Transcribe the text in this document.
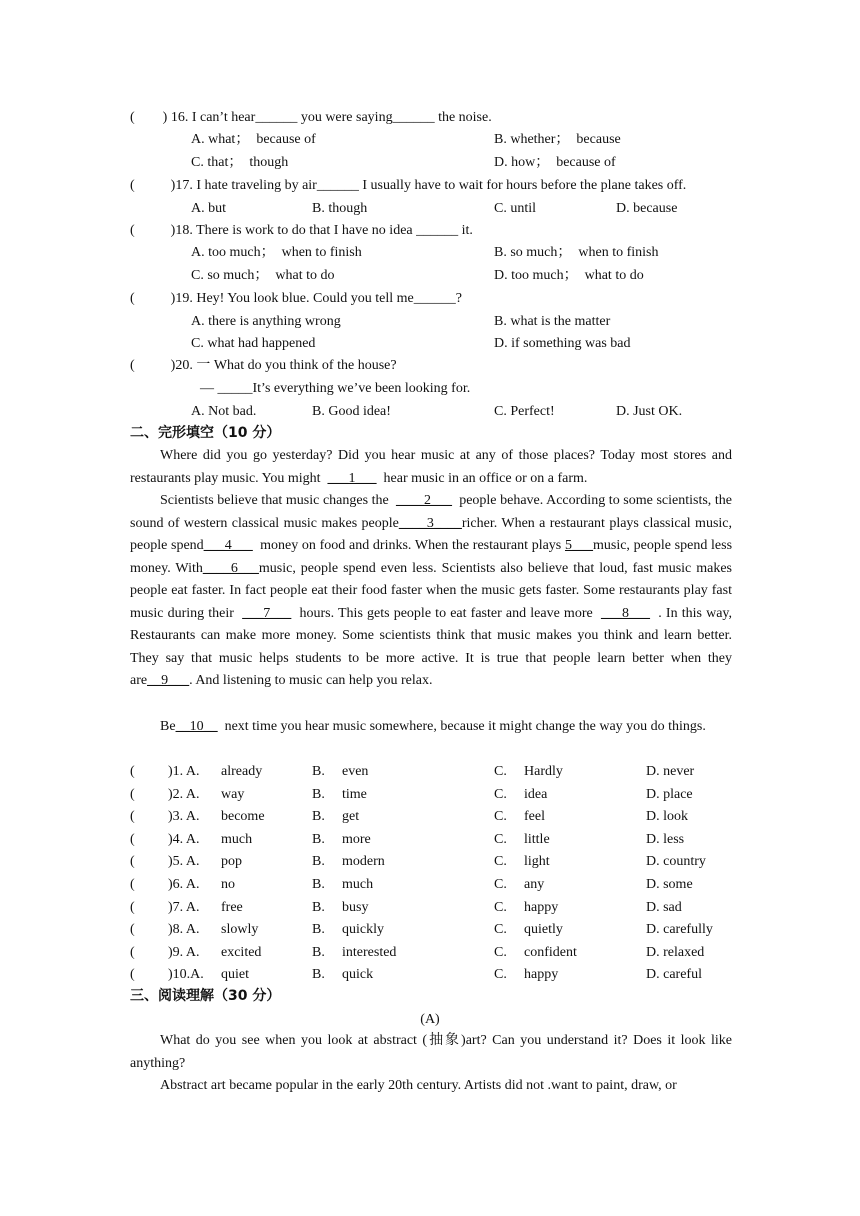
( ) 16. I can’t hear______ you were saying______ the noise.
A. what；　because of	B. whether；　because
C. that；　though	D. how；　because of
(	)17. I hate traveling by air______ I usually have to wait for hours before the plane takes off.
A. but	B. though	C. until	D. because
(	)18. There is work to do that I have no idea ______ it.
A. too much；　when to finish	B. so much；　when to finish
C. so much；　what to do	D. too much；　what to do
(	)19. Hey! You look blue. Could you tell me______?
A. there is anything wrong	B. what is the matter
C. what had happened	D. if something was bad
(	)20. 一 What do you think of the house?
— _____It’s everything we’ve been looking for.
A. Not bad.	B. Good idea!	C. Perfect!	D. Just OK.
二、完形填空（10 分）
Where did you go yesterday? Did you hear music at any of those places? Today most stores and restaurants play music. You might ___1___ hear music in an office or on a farm.
Scientists believe that music changes the ____2___ people behave. According to some scientists, the sound of western classical music makes people____3____richer. When a restaurant plays classical music, people spend___4___ money on food and drinks. When the restaurant plays 5___music, people spend less money. With____6___music, people spend even less. Scientists also believe that loud, fast music makes people eat faster. In fact people eat their food faster when the music gets faster. Some restaurants play fast music during their ___7___ hours. This gets people to eat faster and leave more ___8___ . In this way, Restaurants can make more money. Some scientists think that music makes you think and learn better. They say that music helps students to be more active. It is true that people learn better when they are__9___. And listening to music can help you relax.
Be__10__ next time you hear music somewhere, because it might change the way you do things.
( )1. A. already	B. even	C. Hardly	D. never
( )2. A. way	B. time	C. idea	D. place
( )3. A. become	B. get	C. feel	D. look
( )4. A. much	B. more	C. little	D. less
( )5. A. pop	B. modern	C. light	D. country
( )6. A. no	B. much	C. any	D. some
( )7. A. free	B. busy	C. happy	D. sad
( )8. A. slowly	B. quickly	C. quietly	D. carefully
( )9. A. excited	B. interested	C. confident	D. relaxed
( )10.A. quiet	B. quick	C. happy	D. careful
三、阅读理解（30 分）
(A)
What do you see when you look at abstract (抽象)art? Can you understand it? Does it look like anything?
Abstract art became popular in the early 20th century. Artists did not .want to paint, draw, or
